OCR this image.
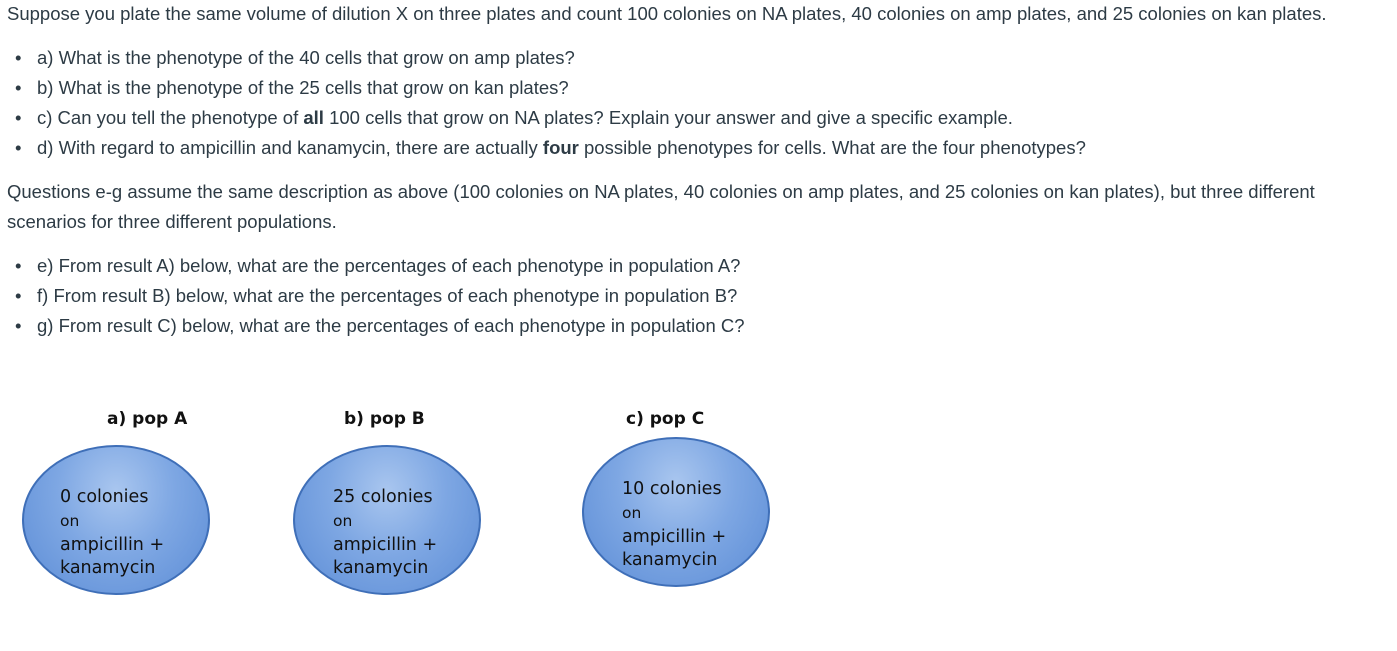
Suppose you plate the same volume of dilution X on three plates and count 100 colonies on NA plates, 40 colonies on amp plates, and 25 colonies on kan plates.

• a) What is the phenotype of the 40 cells that grow on amp plates?
• b) What is the phenotype of the 25 cells that grow on kan plates?
• c) Can you tell the phenotype of all 100 cells that grow on NA plates? Explain your answer and give a specific example.
• d) With regard to ampicillin and kanamycin, there are actually four possible phenotypes for cells. What are the four phenotypes?

Questions e-g assume the same description as above (100 colonies on NA plates, 40 colonies on amp plates, and 25 colonies on kan plates), but three different scenarios for three different populations.

• e) From result A) below, what are the percentages of each phenotype in population A?
• f) From result B) below, what are the percentages of each phenotype in population B?
• g) From result C) below, what are the percentages of each phenotype in population C?
a) pop A
0 colonies
on
ampicillin +
kanamycin
b) pop B
25 colonies
on
ampicillin +
kanamycin
c) pop C
10 colonies
on
ampicillin +
kanamycin
